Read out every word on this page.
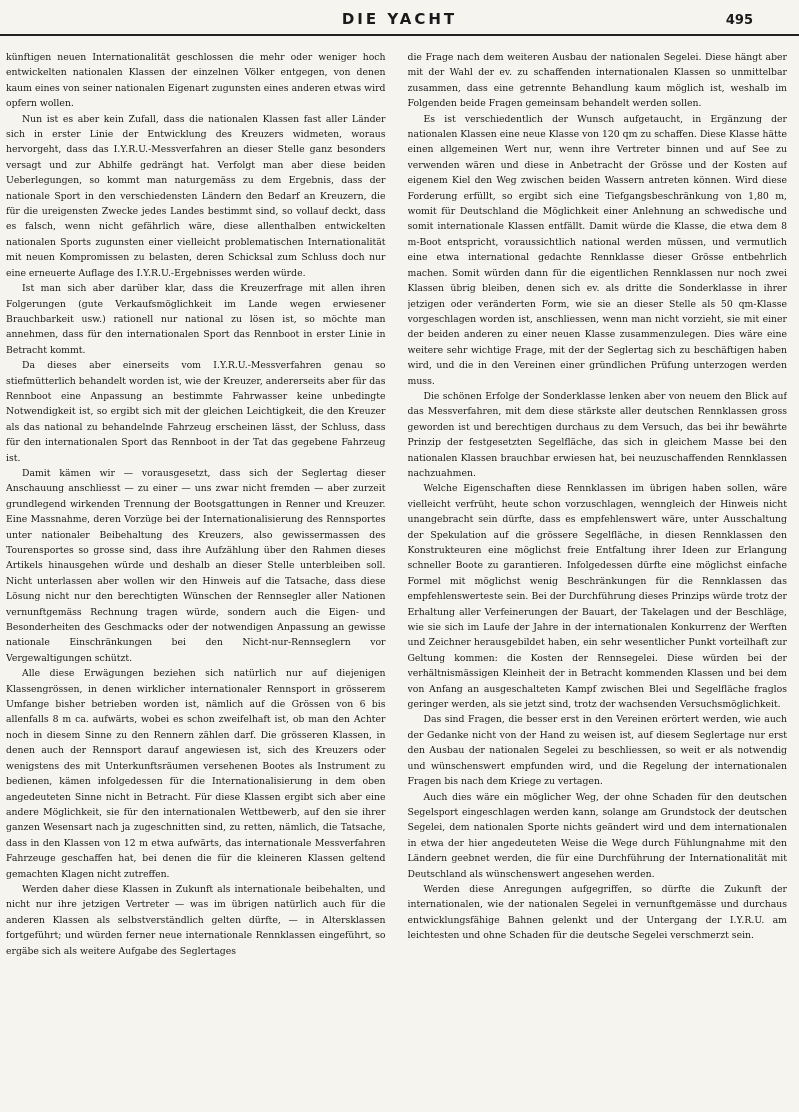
DIE YACHT	495

künftigen neuen Internationalität geschlossen die mehr oder weniger hoch entwickelten nationalen Klassen der einzelnen Völker entgegen, von denen kaum eines von seiner nationalen Eigenart zugunsten eines anderen etwas wird opfern wollen.

Nun ist es aber kein Zufall, dass die nationalen Klassen fast aller Länder sich in erster Linie der Entwicklung des Kreuzers widmeten, woraus hervorgeht, dass das I.Y.R.U.-Messverfahren an dieser Stelle ganz besonders versagt und zur Abhilfe gedrängt hat. Verfolgt man aber diese beiden Ueberlegungen, so kommt man naturgemäss zu dem Ergebnis, dass der nationale Sport in den verschiedensten Ländern den Bedarf an Kreuzern, die für die ureigensten Zwecke jedes Landes bestimmt sind, so vollauf deckt, dass es falsch, wenn nicht gefährlich wäre, diese allenthalben entwickelten nationalen Sports zugunsten einer vielleicht problematischen Internationalität mit neuen Kompromissen zu belasten, deren Schicksal zum Schluss doch nur eine erneuerte Auflage des I.Y.R.U.-Ergebnisses werden würde.

Ist man sich aber darüber klar, dass die Kreuzerfrage mit allen ihren Folgerungen (gute Verkaufsmöglichkeit im Lande wegen erwiesener Brauchbarkeit usw.) rationell nur national zu lösen ist, so möchte man annehmen, dass für den internationalen Sport das Rennboot in erster Linie in Betracht kommt.

Da dieses aber einerseits vom I.Y.R.U.-Messverfahren genau so stiefmütterlich behandelt worden ist, wie der Kreuzer, andererseits aber für das Rennboot eine Anpassung an bestimmte Fahrwasser keine unbedingte Notwendigkeit ist, so ergibt sich mit der gleichen Leichtigkeit, die den Kreuzer als das national zu behandelnde Fahrzeug erscheinen lässt, der Schluss, dass für den internationalen Sport das Rennboot in der Tat das gegebene Fahrzeug ist.

Damit kämen wir — vorausgesetzt, dass sich der Seglertag dieser Anschauung anschliesst — zu einer — uns zwar nicht fremden — aber zurzeit grundlegend wirkenden Trennung der Bootsgattungen in Renner und Kreuzer. Eine Massnahme, deren Vorzüge bei der Internationalisierung des Rennsportes unter nationaler Beibehaltung des Kreuzers, also gewissermassen des Tourensportes so grosse sind, dass ihre Aufzählung über den Rahmen dieses Artikels hinausgehen würde und deshalb an dieser Stelle unterbleiben soll. Nicht unterlassen aber wollen wir den Hinweis auf die Tatsache, dass diese Lösung nicht nur den berechtigten Wünschen der Rennsegler aller Nationen vernunftgemäss Rechnung tragen würde, sondern auch die Eigen- und Besonderheiten des Geschmacks oder der notwendigen Anpassung an gewisse nationale Einschränkungen bei den Nicht-nur-Rennseglern vor Vergewaltigungen schützt.

Alle diese Erwägungen beziehen sich natürlich nur auf diejenigen Klassengrössen, in denen wirklicher internationaler Rennsport in grösserem Umfange bisher betrieben worden ist, nämlich auf die Grössen von 6 bis allenfalls 8 m ca. aufwärts, wobei es schon zweifelhaft ist, ob man den Achter noch in diesem Sinne zu den Rennern zählen darf. Die grösseren Klassen, in denen auch der Rennsport darauf angewiesen ist, sich des Kreuzers oder wenigstens des mit Unterkunftsräumen versehenen Bootes als Instrument zu bedienen, kämen infolgedessen für die Internationalisierung in dem oben angedeuteten Sinne nicht in Betracht. Für diese Klassen ergibt sich aber eine andere Möglichkeit, sie für den internationalen Wettbewerb, auf den sie ihrer ganzen Wesensart nach ja zugeschnitten sind, zu retten, nämlich, die Tatsache, dass in den Klassen von 12 m etwa aufwärts, das internationale Messverfahren Fahrzeuge geschaffen hat, bei denen die für die kleineren Klassen geltend gemachten Klagen nicht zutreffen.

Werden daher diese Klassen in Zukunft als internationale beibehalten, und nicht nur ihre jetzigen Vertreter — was im übrigen natürlich auch für die anderen Klassen als selbstverständlich gelten dürfte, — in Altersklassen fortgeführt; und würden ferner neue internationale Rennklassen eingeführt, so ergäbe sich als weitere Aufgabe des Seglertages

die Frage nach dem weiteren Ausbau der nationalen Segelei. Diese hängt aber mit der Wahl der ev. zu schaffenden internationalen Klassen so unmittelbar zusammen, dass eine getrennte Behandlung kaum möglich ist, weshalb im Folgenden beide Fragen gemeinsam behandelt werden sollen.

Es ist verschiedentlich der Wunsch aufgetaucht, in Ergänzung der nationalen Klassen eine neue Klasse von 120 qm zu schaffen. Diese Klasse hätte einen allgemeinen Wert nur, wenn ihre Vertreter binnen und auf See zu verwenden wären und diese in Anbetracht der Grösse und der Kosten auf eigenem Kiel den Weg zwischen beiden Wassern antreten können. Wird diese Forderung erfüllt, so ergibt sich eine Tiefgangsbeschränkung von 1,80 m, womit für Deutschland die Möglichkeit einer Anlehnung an schwedische und somit internationale Klassen entfällt. Damit würde die Klasse, die etwa dem 8 m-Boot entspricht, voraussichtlich national werden müssen, und vermutlich eine etwa international gedachte Rennklasse dieser Grösse entbehrlich machen. Somit würden dann für die eigentlichen Rennklassen nur noch zwei Klassen übrig bleiben, denen sich ev. als dritte die Sonderklasse in ihrer jetzigen oder veränderten Form, wie sie an dieser Stelle als 50 qm-Klasse vorgeschlagen worden ist, anschliessen, wenn man nicht vorzieht, sie mit einer der beiden anderen zu einer neuen Klasse zusammenzulegen. Dies wäre eine weitere sehr wichtige Frage, mit der der Seglertag sich zu beschäftigen haben wird, und die in den Vereinen einer gründlichen Prüfung unterzogen werden muss.

Die schönen Erfolge der Sonderklasse lenken aber von neuem den Blick auf das Messverfahren, mit dem diese stärkste aller deutschen Rennklassen gross geworden ist und berechtigen durchaus zu dem Versuch, das bei ihr bewährte Prinzip der festgesetzten Segelfläche, das sich in gleichem Masse bei den nationalen Klassen brauchbar erwiesen hat, bei neuzuschaffenden Rennklassen nachzuahmen.

Welche Eigenschaften diese Rennklassen im übrigen haben sollen, wäre vielleicht verfrüht, heute schon vorzuschlagen, wenngleich der Hinweis nicht unangebracht sein dürfte, dass es empfehlenswert wäre, unter Ausschaltung der Spekulation auf die grössere Segelfläche, in diesen Rennklassen den Konstrukteuren eine möglichst freie Entfaltung ihrer Ideen zur Erlangung schneller Boote zu garantieren. Infolgedessen dürfte eine möglichst einfache Formel mit möglichst wenig Beschränkungen für die Rennklassen das empfehlenswerteste sein. Bei der Durchführung dieses Prinzips würde trotz der Erhaltung aller Verfeinerungen der Bauart, der Takelagen und der Beschläge, wie sie sich im Laufe der Jahre in der internationalen Konkurrenz der Werften und Zeichner herausgebildet haben, ein sehr wesentlicher Punkt vorteilhaft zur Geltung kommen: die Kosten der Rennsegelei. Diese würden bei der verhältnismässigen Kleinheit der in Betracht kommenden Klassen und bei dem von Anfang an ausgeschalteten Kampf zwischen Blei und Segelfläche fraglos geringer werden, als sie jetzt sind, trotz der wachsenden Versuchsmöglichkeit.

Das sind Fragen, die besser erst in den Vereinen erörtert werden, wie auch der Gedanke nicht von der Hand zu weisen ist, auf diesem Seglertage nur erst den Ausbau der nationalen Segelei zu beschliessen, so weit er als notwendig und wünschenswert empfunden wird, und die Regelung der internationalen Fragen bis nach dem Kriege zu vertagen.

Auch dies wäre ein möglicher Weg, der ohne Schaden für den deutschen Segelsport eingeschlagen werden kann, solange am Grundstock der deutschen Segelei, dem nationalen Sporte nichts geändert wird und dem internationalen in etwa der hier angedeuteten Weise die Wege durch Fühlungnahme mit den Ländern geebnet werden, die für eine Durchführung der Internationalität mit Deutschland als wünschenswert angesehen werden.

Werden diese Anregungen aufgegriffen, so dürfte die Zukunft der internationalen, wie der nationalen Segelei in vernunftgemässe und durchaus entwicklungsfähige Bahnen gelenkt und der Untergang der I.Y.R.U. am leichtesten und ohne Schaden für die deutsche Segelei verschmerzt sein.
